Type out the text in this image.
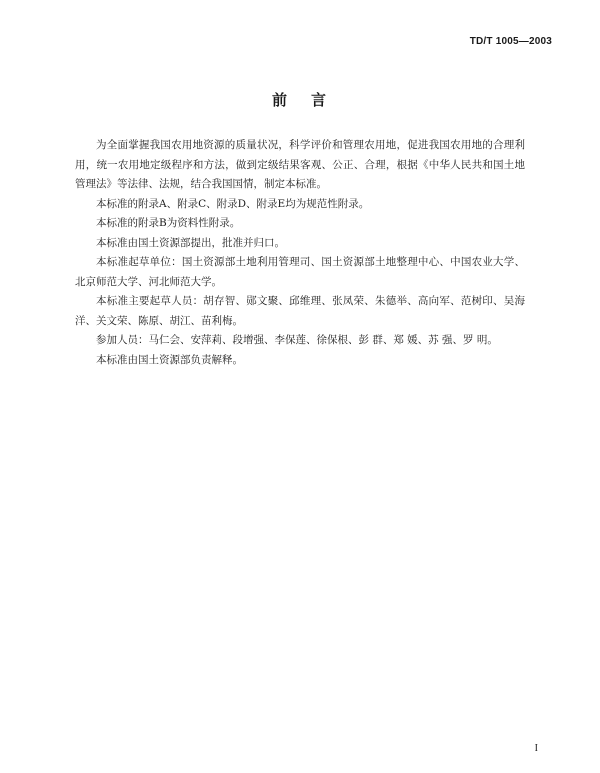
TD/T 1005—2003
前 言

为全面掌握我国农用地资源的质量状况，科学评价和管理农用地，促进我国农用地的合理利用，统一农用地定级程序和方法，做到定级结果客观、公正、合理，根据《中华人民共和国土地管理法》等法律、法规，结合我国国情，制定本标准。

本标准的附录A、附录C、附录D、附录E均为规范性附录。

本标准的附录B为资料性附录。

本标准由国土资源部提出，批准并归口。

本标准起草单位：国土资源部土地利用管理司、国土资源部土地整理中心、中国农业大学、北京师范大学、河北师范大学。

本标准主要起草人员：胡存智、郧文聚、邱维理、张凤荣、朱德举、高向军、范树印、吴海洋、关文荣、陈原、胡江、苗利梅。

参加人员：马仁会、安萍莉、段增强、李保莲、徐保根、彭 群、郑 媛、苏 强、罗 明。

本标准由国土资源部负责解释。

I
